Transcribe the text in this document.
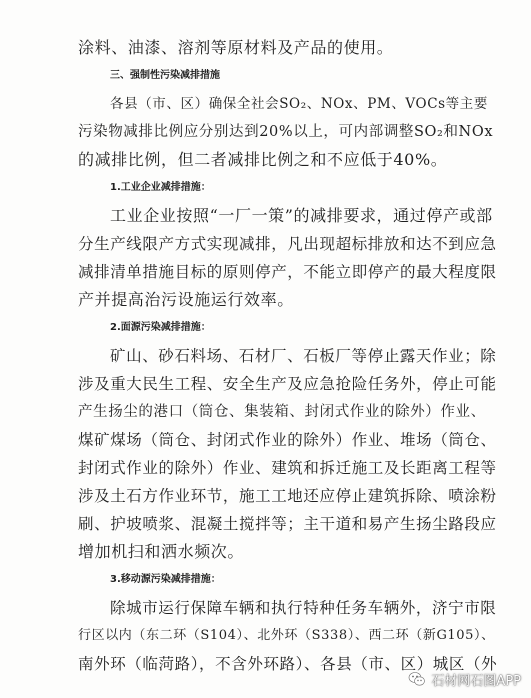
涂料、油漆、溶剂等原材料及产品的使用。
三、强制性污染减排措施
各县（市、区）确保全社会SO₂、NOx、PM、VOCs等主要
污染物减排比例应分别达到20%以上，可内部调整SO₂和NOx
的减排比例，但二者减排比例之和不应低于40%。
1.工业企业减排措施：
工业企业按照“一厂一策”的减排要求，通过停产或部
分生产线限产方式实现减排，凡出现超标排放和达不到应急
减排清单措施目标的原则停产，不能立即停产的最大程度限
产并提高治污设施运行效率。
2.面源污染减排措施：
矿山、砂石料场、石材厂、石板厂等停止露天作业；除
涉及重大民生工程、安全生产及应急抢险任务外，停止可能
产生扬尘的港口（筒仓、集装箱、封闭式作业的除外）作业、
煤矿煤场（筒仓、封闭式作业的除外）作业、堆场（筒仓、
封闭式作业的除外）作业、建筑和拆迁施工及长距离工程等
涉及土石方作业环节，施工工地还应停止建筑拆除、喷涂粉
刷、护坡喷浆、混凝土搅拌等；主干道和易产生扬尘路段应
增加机扫和洒水频次。
3.移动源污染减排措施：
除城市运行保障车辆和执行特种任务车辆外，济宁市限
行区以内（东二环（S104）、北外环（S338）、西二环（新G105）、
南外环（临菏路），不含外环路）、各县（市、区）城区（外
石材网石图APP
